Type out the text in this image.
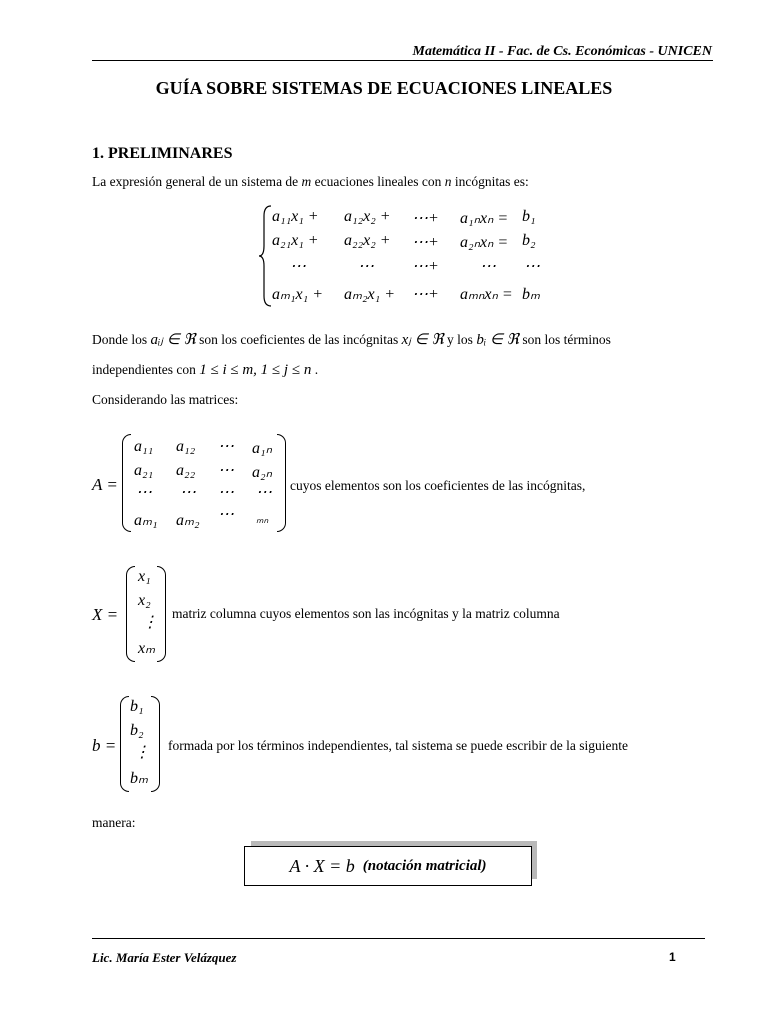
Matemática II - Fac. de Cs. Económicas - UNICEN
GUÍA SOBRE SISTEMAS DE ECUACIONES LINEALES
1. PRELIMINARES
La expresión general de un sistema de m ecuaciones lineales con n incógnitas es:
a₁₁x₁ + a₁₂x₂ + ⋯+ a₁ₙxₙ = b₁
a₂₁x₁ + a₂₂x₂ + ⋯+ a₂ₙxₙ = b₂
⋯	⋯ ⋯+	⋯ ⋯
aₘ₁x₁ + aₘ₂x₁ + ⋯+ aₘₙxₙ = bₘ
Donde los aᵢⱼ ∈ ℜ son los coeficientes de las incógnitas xⱼ ∈ ℜ y los bᵢ ∈ ℜ son los términos
independientes con 1 ≤ i ≤ m, 1 ≤ j ≤ n .
Considerando las matrices:
A =
a₁₁ a₁₂ ⋯ a₁ₙ
a₂₁ a₂₂ ⋯ a₂ₙ
⋯ ⋯ ⋯ ⋯
aₘ₁ aₘ₂ ⋯ ₘₙ
cuyos elementos son los coeficientes de las incógnitas,
X =
x₁
x₂
⋮
xₘ
matriz columna cuyos elementos son las incógnitas y la matriz columna
b =
b₁
b₂
⋮
bₘ
formada por los términos independientes, tal sistema se puede escribir de la siguiente
manera:
A · X = b (notación matricial)
Lic. María Ester Velázquez	1
